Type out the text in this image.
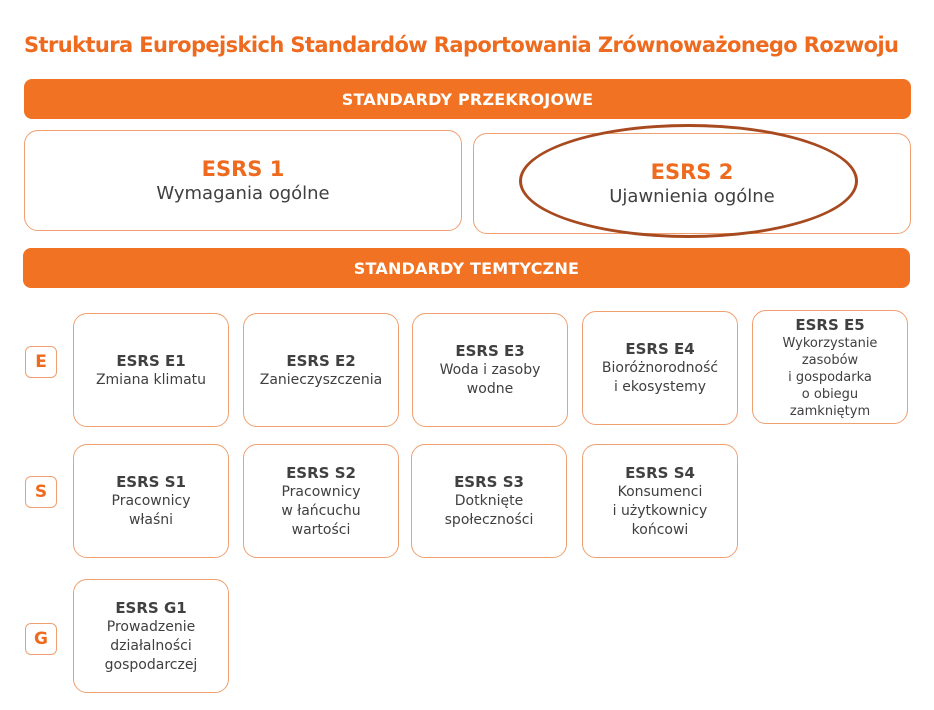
Struktura Europejskich Standardów Raportowania Zrównoważonego Rozwoju
STANDARDY PRZEKROJOWE
ESRS 1
Wymagania ogólne
ESRS 2
Ujawnienia ogólne
STANDARDY TEMTYCZNE
E
S
G
ESRS E1
Zmiana klimatu
ESRS E2
Zanieczyszczenia
ESRS E3
Woda i zasoby
wodne
ESRS E4
Bioróżnorodność
i ekosystemy
ESRS E5
Wykorzystanie
zasobów
i gospodarka
o obiegu
zamkniętym
ESRS S1
Pracownicy
właśni
ESRS S2
Pracownicy
w łańcuchu
wartości
ESRS S3
Dotknięte
społeczności
ESRS S4
Konsumenci
i użytkownicy
końcowi
ESRS G1
Prowadzenie
działalności
gospodarczej
